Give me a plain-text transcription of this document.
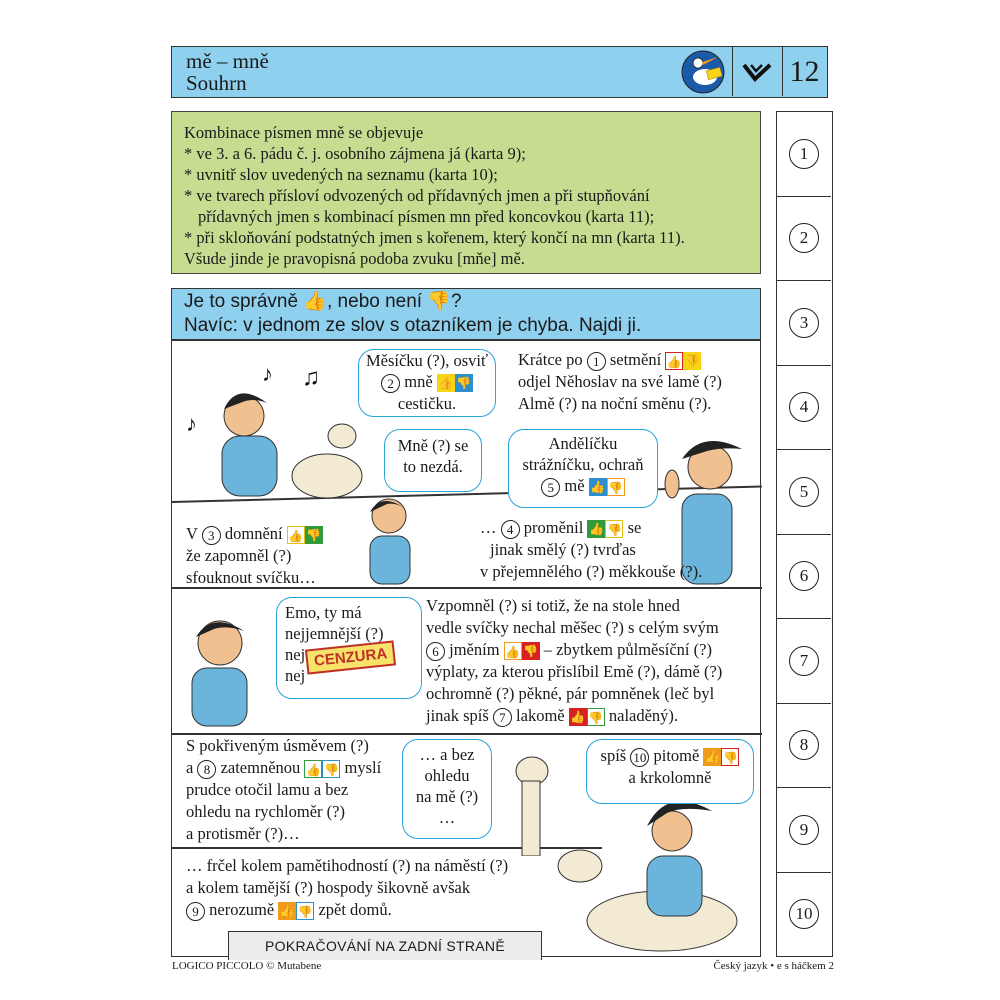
mě – mně
Souhrn	12
Kombinace písmen mně se objevuje
* ve 3. a 6. pádu č. j. osobního zájmena já (karta 9);
* uvnitř slov uvedených na seznamu (karta 10);
* ve tvarech přísloví odvozených od přídavných jmen a při stupňování
přídavných jmen s kombinací písmen mn před koncovkou (karta 11);
* při skloňování podstatných jmen s kořenem, který končí na mn (karta 11).
Všude jinde je pravopisná podoba zvuku [mňe] mě.
1
2
3
4
5
6
7
8
9
10
Je to správně 👍, nebo není 👎?
Navíc: v jednom ze slov s otazníkem je chyba. Najdi ji.
♪ ♫
♪
Měsíčku (?), osviť
2 mně 👍 👎
cestičku.
Krátce po 1 setmění 👍 👎
odjel Něhoslav na své lamě (?)
Almě (?) na noční směnu (?).
Mně (?) se
to nezdá.
Andělíčku
strážníčku, ochraň
5 mě 👍 👎
V 3 domnění 👍 👎
že zapomněl (?)
sfouknout svíčku…
… 4 proměnil 👍 👎 se
jinak smělý (?) tvrďas
v přejemnělého (?) měkkouše (?).
Emo, ty má
nejjemnější (?)
nej
nej
CENZURA
Vzpomněl (?) si totiž, že na stole hned
vedle svíčky nechal měšec (?) s celým svým
6 jměním 👍 👎 – zbytkem půlměsíční (?)
výplaty, za kterou přislíbil Emě (?), dámě (?)
ochromně (?) pěkné, pár pomněnek (leč byl
jinak spíš 7 lakomě 👍 👎 naladěný).
S pokřiveným úsměvem (?)
a 8 zatemněnou 👍 👎 myslí
prudce otočil lamu a bez
ohledu na rychloměr (?)
a protisměr (?)…
… a bez
ohledu
na mě (?)
…
spíš 10 pitomě 👍 👎
a krkolomně
… frčel kolem pamětihodností (?) na náměstí (?)
a kolem tamější (?) hospody šikovně avšak
9 nerozumě 👍 👎 zpět domů.
POKRAČOVÁNÍ NA ZADNÍ STRANĚ
LOGICO PICCOLO © Mutabene	Český jazyk • e s háčkem 2
